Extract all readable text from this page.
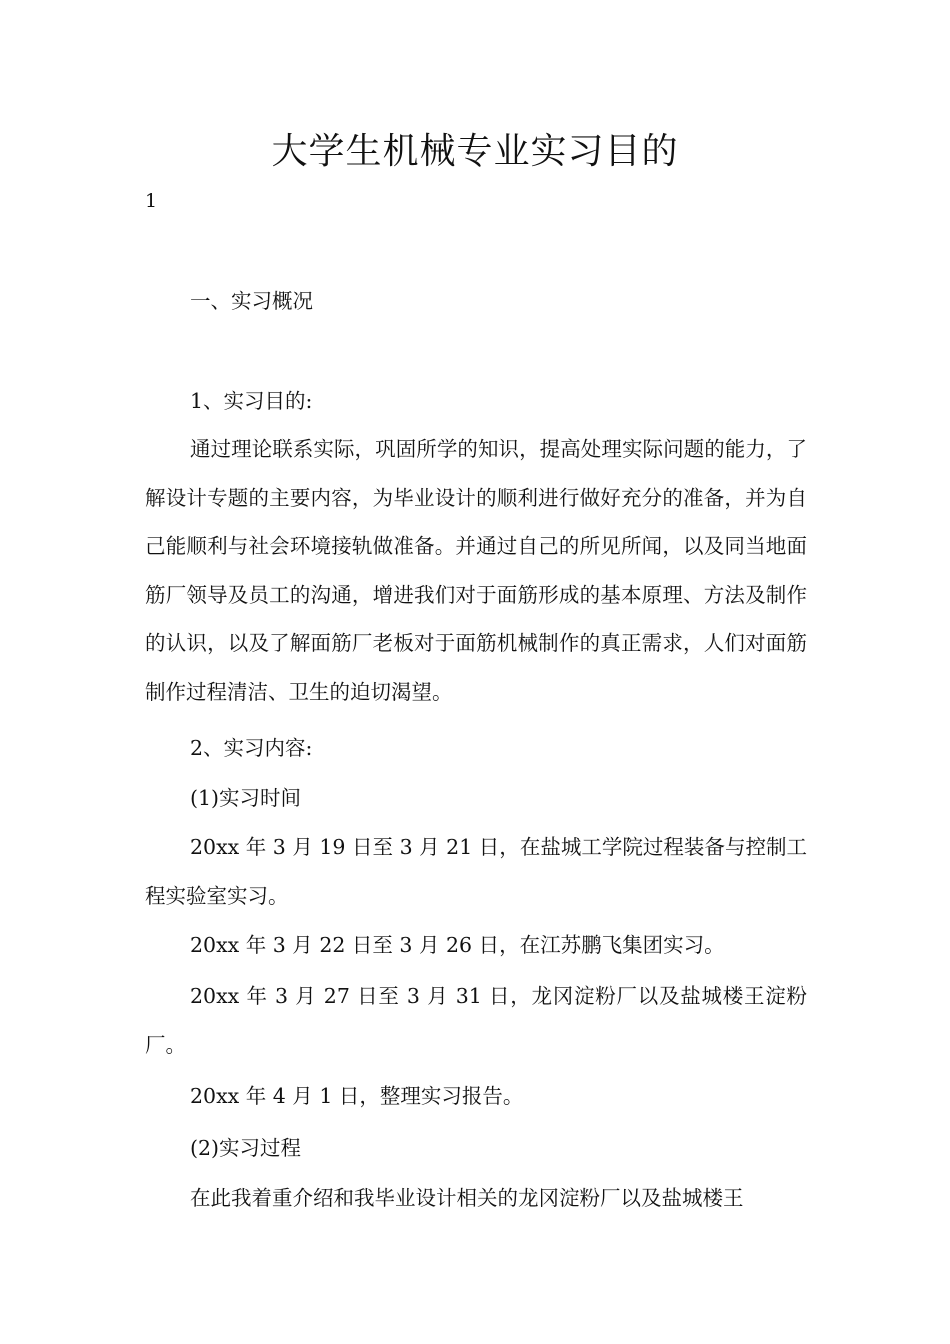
大学生机械专业实习目的
1

一、实习概况

1、实习目的:

通过理论联系实际，巩固所学的知识，提高处理实际问题的能力，了解设计专题的主要内容，为毕业设计的顺利进行做好充分的准备，并为自己能顺利与社会环境接轨做准备。并通过自己的所见所闻，以及同当地面筋厂领导及员工的沟通，增进我们对于面筋形成的基本原理、方法及制作的认识，以及了解面筋厂老板对于面筋机械制作的真正需求，人们对面筋制作过程清洁、卫生的迫切渴望。

2、实习内容:

(1)实习时间

20xx 年 3 月 19 日至 3 月 21 日，在盐城工学院过程装备与控制工程实验室实习。

20xx 年 3 月 22 日至 3 月 26 日，在江苏鹏飞集团实习。

20xx 年 3 月 27 日至 3 月 31 日，龙冈淀粉厂以及盐城楼王淀粉厂。

20xx 年 4 月 1 日，整理实习报告。

(2)实习过程

在此我着重介绍和我毕业设计相关的龙冈淀粉厂以及盐城楼王
